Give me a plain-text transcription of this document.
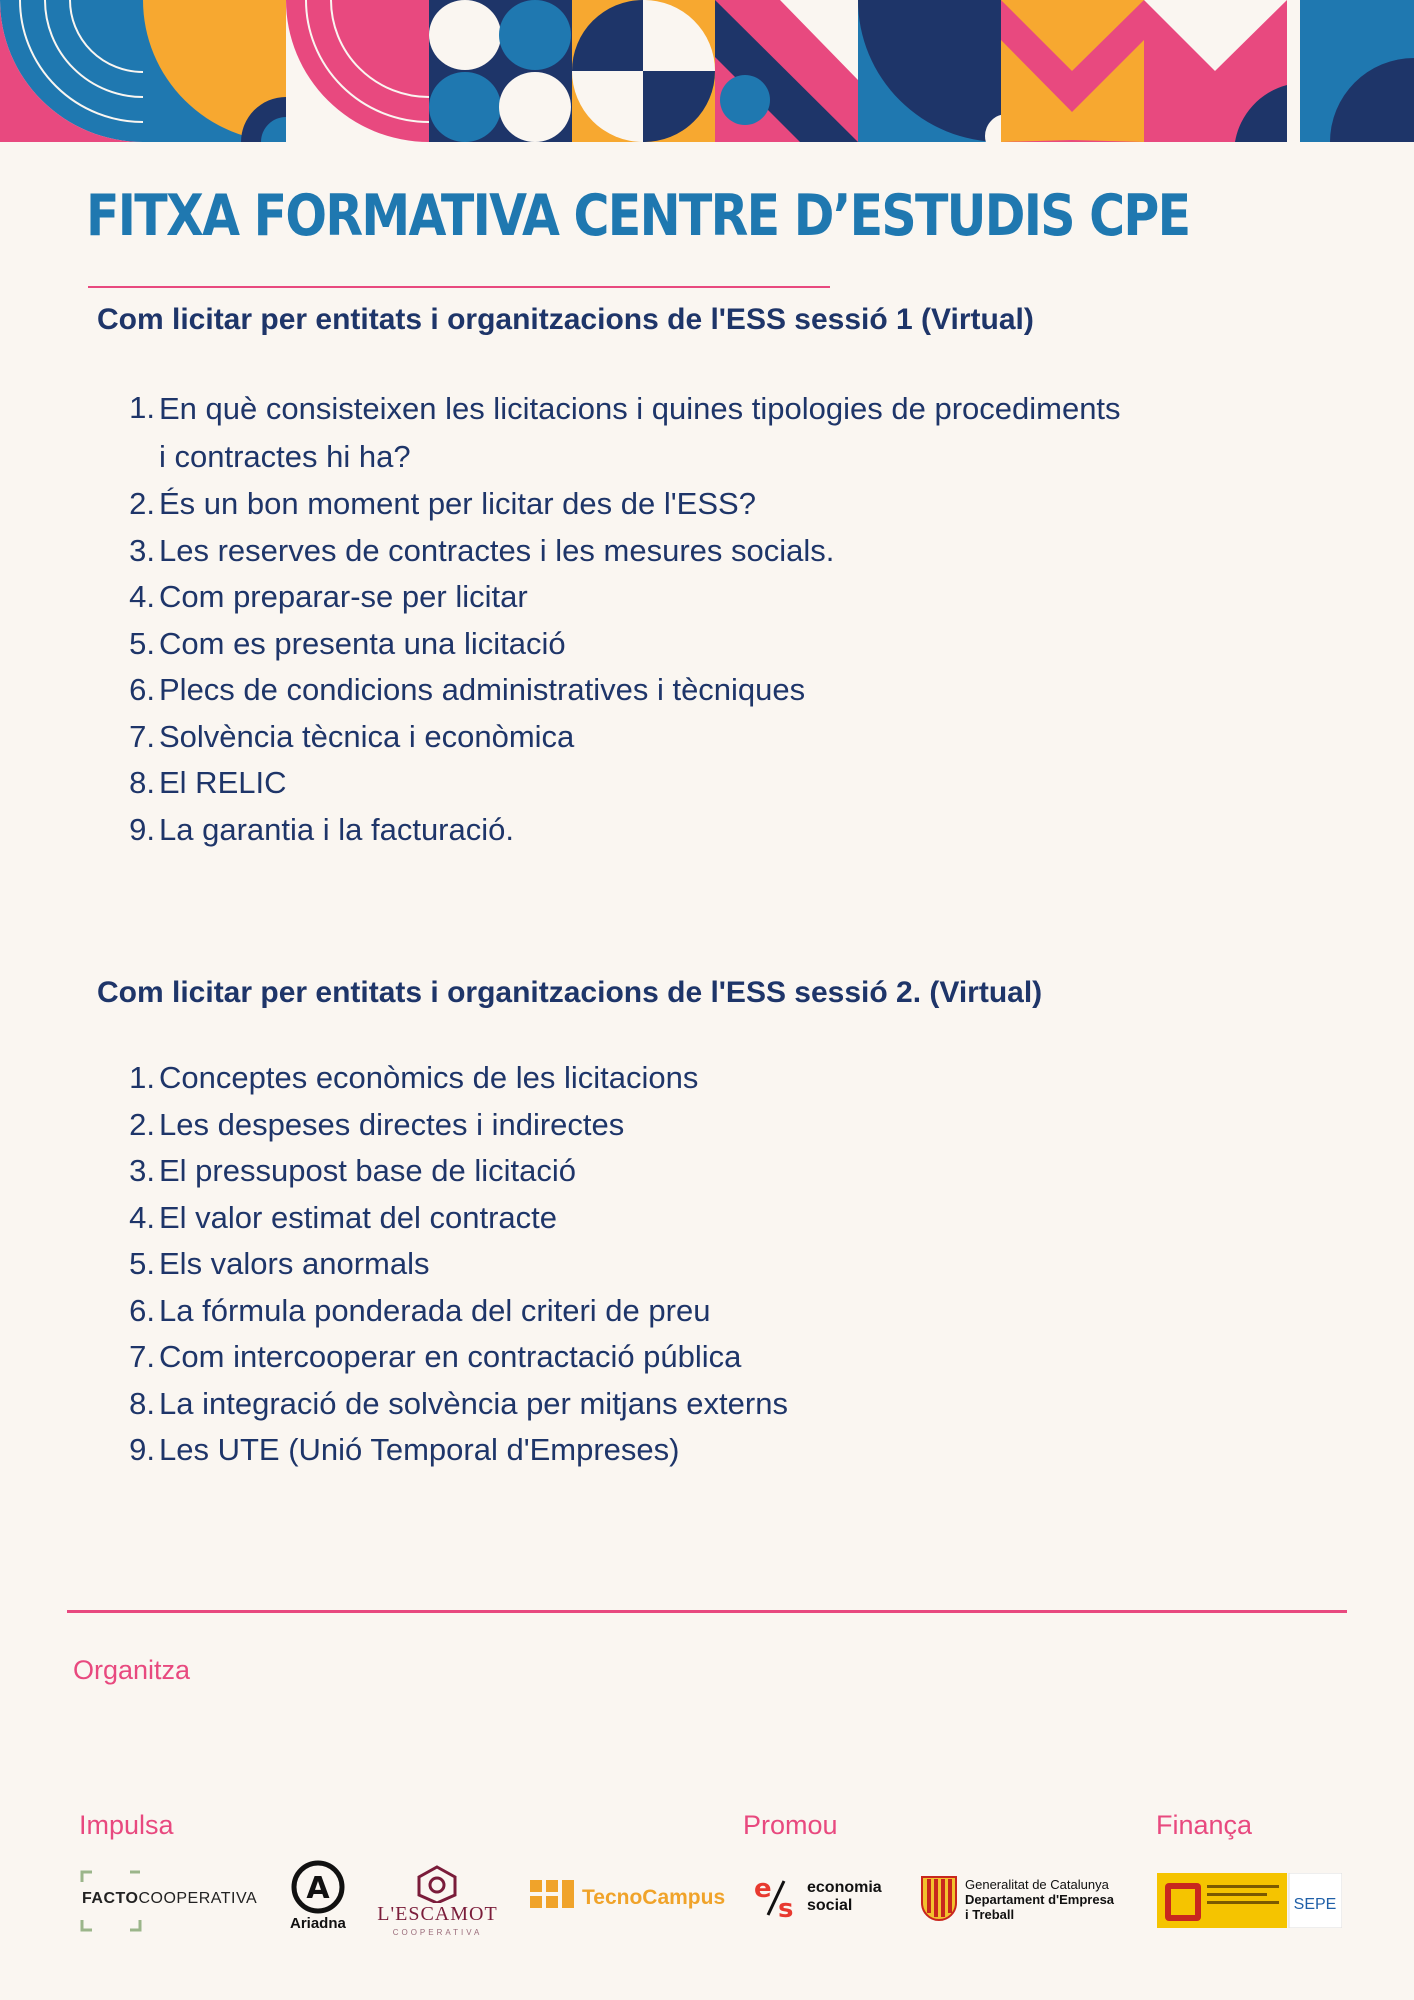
FITXA FORMATIVA CENTRE D’ESTUDIS CPE
Com licitar per entitats i organitzacions de l'ESS sessió 1 (Virtual)
1. En què consisteixen les licitacions i quines tipologies de procediments
i contractes hi ha?
2. És un bon moment per licitar des de l'ESS?
3. Les reserves de contractes i les mesures socials.
4. Com preparar-se per licitar
5. Com es presenta una licitació
6. Plecs de condicions administratives i tècniques
7. Solvència tècnica i econòmica
8. El RELIC
9. La garantia i la facturació.
Com licitar per entitats i organitzacions de l'ESS sessió 2. (Virtual)
1. Conceptes econòmics de les licitacions
2. Les despeses directes i indirectes
3. El pressupost base de licitació
4. El valor estimat del contracte
5. Els valors anormals
6. La fórmula ponderada del criteri de preu
7. Com intercooperar en contractació pública
8. La integració de solvència per mitjans externs
9. Les UTE (Unió Temporal d'Empreses)
Organitza
Impulsa	Promou	Finança
FACTOCOOPERATIVA A
Ariadna L'ESCAMOT
COOPERATIVA
TecnoCampus e
s
economia
social
Generalitat de Catalunya
Departament d'Empresa
i Treball
SEPE
